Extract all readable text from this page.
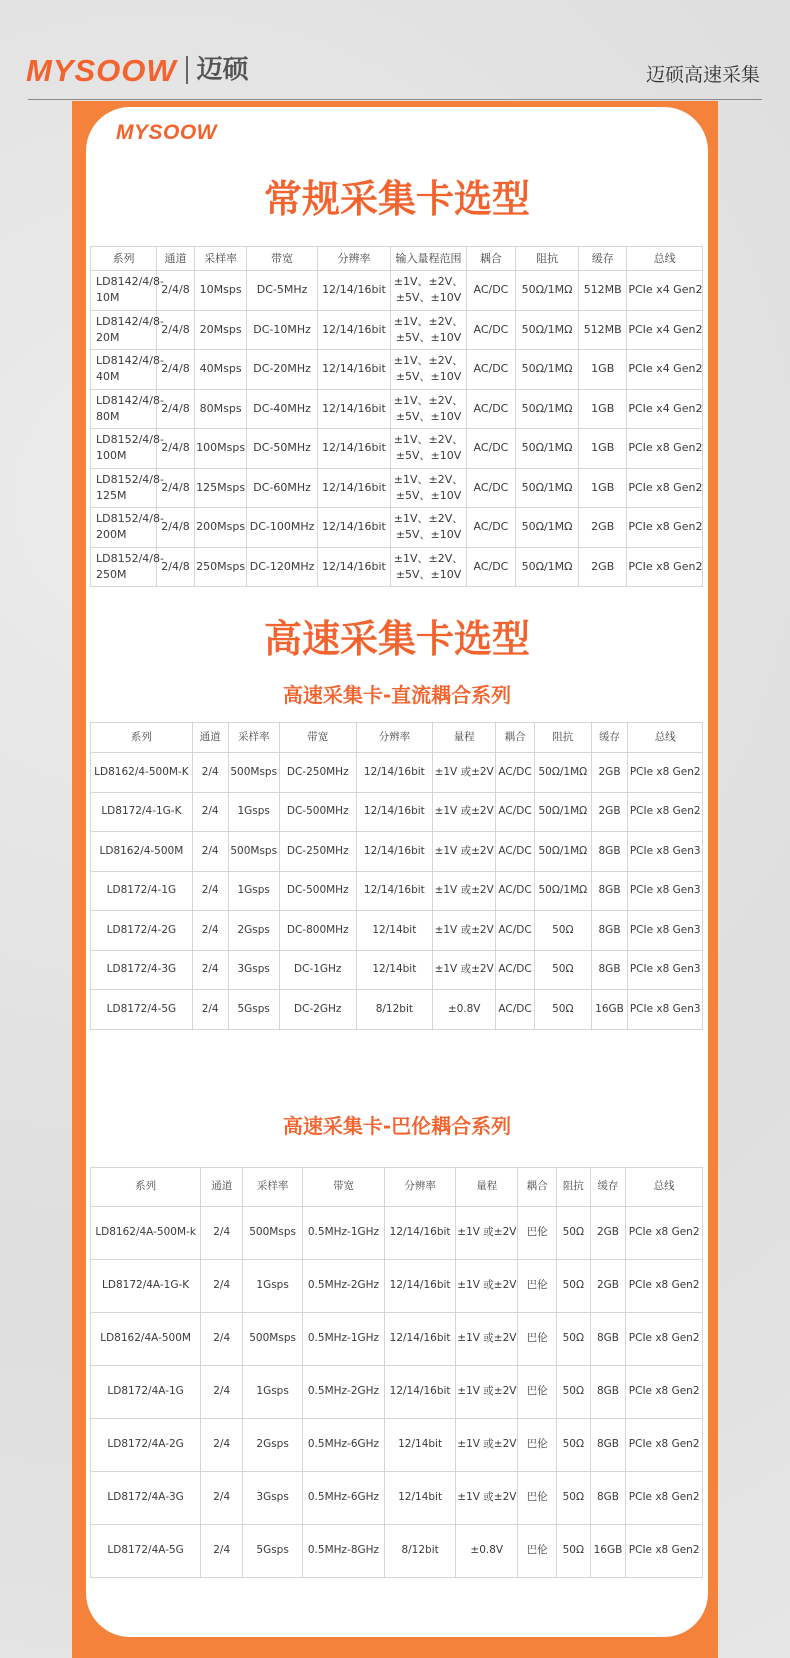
MYSOOW 迈硕	迈硕高速采集
MYSOOW
常规采集卡选型
系列	通道	采样率	带宽	分辨率	输入量程范围	耦合	阻抗	缓存	总线
LD8142/4/8-10M	2/4/8	10Msps	DC-5MHz	12/14/16bit	±1V、±2V、±5V、±10V	AC/DC	50Ω/1MΩ	512MB	PCIe x4 Gen2
LD8142/4/8-20M	2/4/8	20Msps	DC-10MHz	12/14/16bit	±1V、±2V、±5V、±10V	AC/DC	50Ω/1MΩ	512MB	PCIe x4 Gen2
LD8142/4/8-40M	2/4/8	40Msps	DC-20MHz	12/14/16bit	±1V、±2V、±5V、±10V	AC/DC	50Ω/1MΩ	1GB	PCIe x4 Gen2
LD8142/4/8-80M	2/4/8	80Msps	DC-40MHz	12/14/16bit	±1V、±2V、±5V、±10V	AC/DC	50Ω/1MΩ	1GB	PCIe x4 Gen2
LD8152/4/8-100M	2/4/8	100Msps	DC-50MHz	12/14/16bit	±1V、±2V、±5V、±10V	AC/DC	50Ω/1MΩ	1GB	PCIe x8 Gen2
LD8152/4/8-125M	2/4/8	125Msps	DC-60MHz	12/14/16bit	±1V、±2V、±5V、±10V	AC/DC	50Ω/1MΩ	1GB	PCIe x8 Gen2
LD8152/4/8-200M	2/4/8	200Msps	DC-100MHz	12/14/16bit	±1V、±2V、±5V、±10V	AC/DC	50Ω/1MΩ	2GB	PCIe x8 Gen2
LD8152/4/8-250M	2/4/8	250Msps	DC-120MHz	12/14/16bit	±1V、±2V、±5V、±10V	AC/DC	50Ω/1MΩ	2GB	PCIe x8 Gen2
高速采集卡选型
高速采集卡-直流耦合系列
系列	通道	采样率	带宽	分辨率	量程	耦合	阻抗	缓存	总线
LD8162/4-500M-K	2/4	500Msps	DC-250MHz	12/14/16bit	±1V 或±2V	AC/DC	50Ω/1MΩ	2GB	PCIe x8 Gen2
LD8172/4-1G-K	2/4	1Gsps	DC-500MHz	12/14/16bit	±1V 或±2V	AC/DC	50Ω/1MΩ	2GB	PCIe x8 Gen2
LD8162/4-500M	2/4	500Msps	DC-250MHz	12/14/16bit	±1V 或±2V	AC/DC	50Ω/1MΩ	8GB	PCIe x8 Gen3
LD8172/4-1G	2/4	1Gsps	DC-500MHz	12/14/16bit	±1V 或±2V	AC/DC	50Ω/1MΩ	8GB	PCIe x8 Gen3
LD8172/4-2G	2/4	2Gsps	DC-800MHz	12/14bit	±1V 或±2V	AC/DC	50Ω	8GB	PCIe x8 Gen3
LD8172/4-3G	2/4	3Gsps	DC-1GHz	12/14bit	±1V 或±2V	AC/DC	50Ω	8GB	PCIe x8 Gen3
LD8172/4-5G	2/4	5Gsps	DC-2GHz	8/12bit	±0.8V	AC/DC	50Ω	16GB	PCIe x8 Gen3
高速采集卡-巴伦耦合系列
系列	通道	采样率	带宽	分辨率	量程	耦合	阻抗	缓存	总线
LD8162/4A-500M-k	2/4	500Msps	0.5MHz-1GHz	12/14/16bit	±1V 或±2V	巴伦	50Ω	2GB	PCIe x8 Gen2
LD8172/4A-1G-K	2/4	1Gsps	0.5MHz-2GHz	12/14/16bit	±1V 或±2V	巴伦	50Ω	2GB	PCIe x8 Gen2
LD8162/4A-500M	2/4	500Msps	0.5MHz-1GHz	12/14/16bit	±1V 或±2V	巴伦	50Ω	8GB	PCIe x8 Gen2
LD8172/4A-1G	2/4	1Gsps	0.5MHz-2GHz	12/14/16bit	±1V 或±2V	巴伦	50Ω	8GB	PCIe x8 Gen2
LD8172/4A-2G	2/4	2Gsps	0.5MHz-6GHz	12/14bit	±1V 或±2V	巴伦	50Ω	8GB	PCIe x8 Gen2
LD8172/4A-3G	2/4	3Gsps	0.5MHz-6GHz	12/14bit	±1V 或±2V	巴伦	50Ω	8GB	PCIe x8 Gen2
LD8172/4A-5G	2/4	5Gsps	0.5MHz-8GHz	8/12bit	±0.8V	巴伦	50Ω	16GB	PCIe x8 Gen2
